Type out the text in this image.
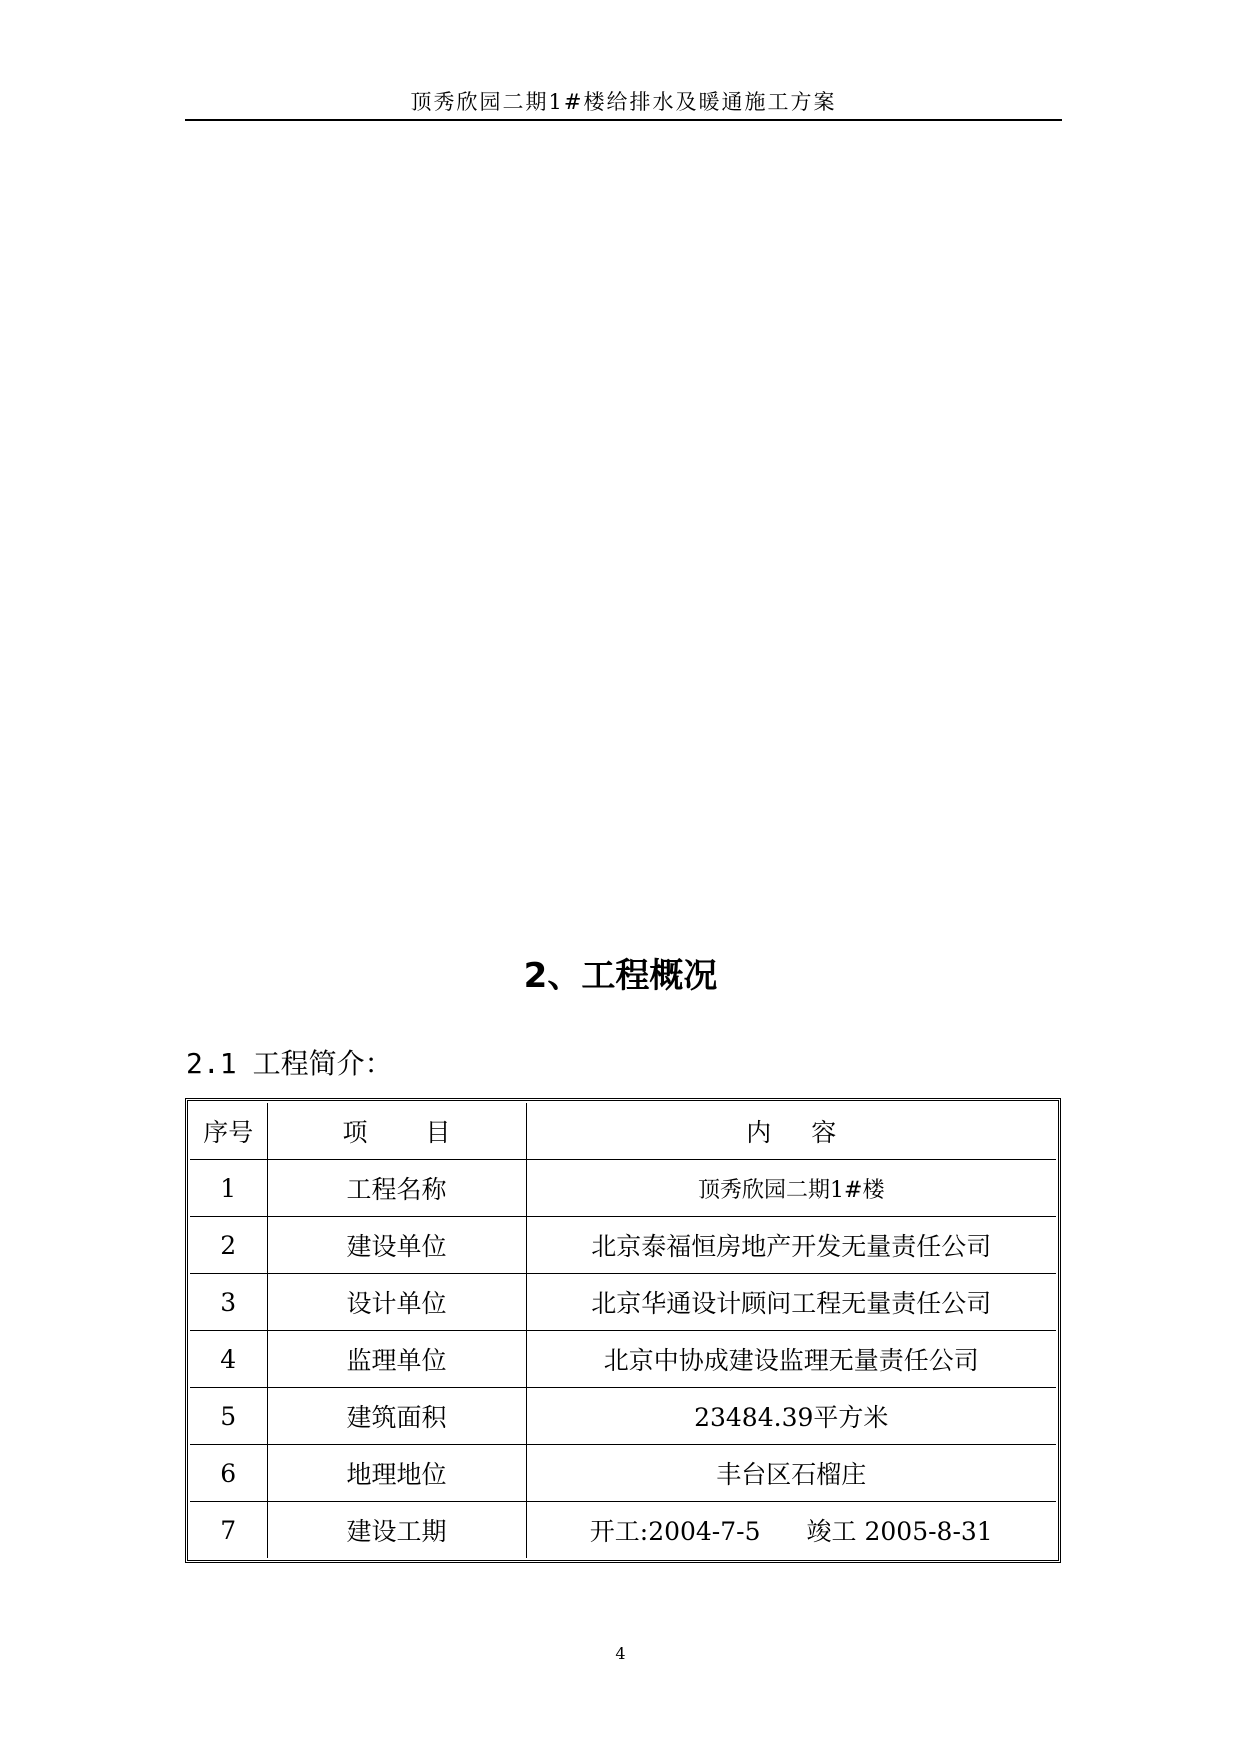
顶秀欣园二期1#楼给排水及暖通施工方案
2、工程概况
2.1 工程简介：
序号	项目	内容
1	工程名称	顶秀欣园二期1#楼
2	建设单位	北京泰福恒房地产开发无量责任公司
3	设计单位	北京华通设计顾问工程无量责任公司
4	监理单位	北京中协成建设监理无量责任公司
5	建筑面积	23484.39平方米
6	地理地位	丰台区石榴庄
7	建设工期	开工:2004-7-5 竣工 2005-8-31
4
